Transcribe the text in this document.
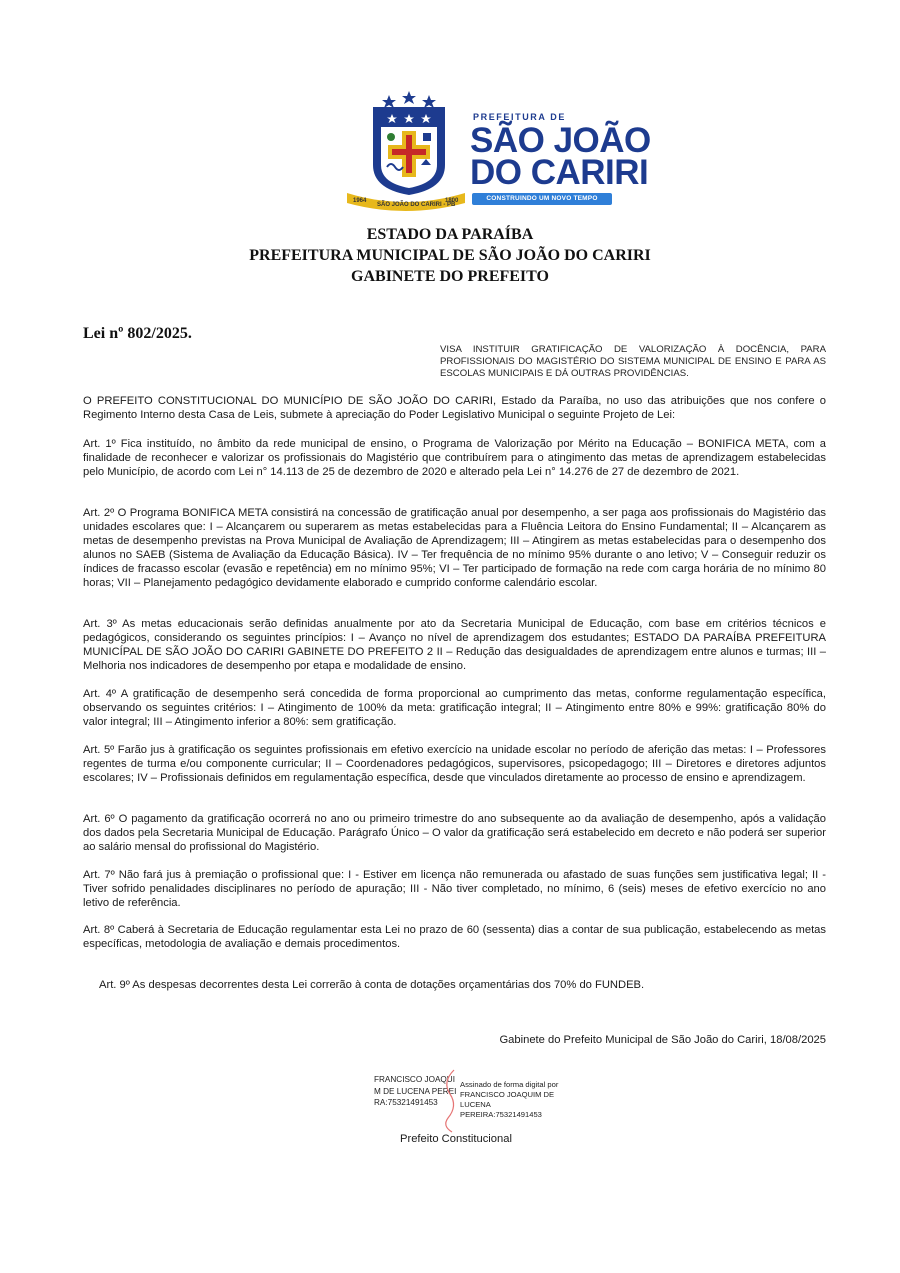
1964
SÃO JOÃO DO CARIRI - PB
1800
PREFEITURA DE
SÃO JOÃO
DO CARIRI
CONSTRUINDO UM NOVO TEMPO
ESTADO DA PARAÍBA
PREFEITURA MUNICIPAL DE SÃO JOÃO DO CARIRI
GABINETE DO PREFEITO
Lei nº 802/2025.
VISA INSTITUIR GRATIFICAÇÃO DE VALORIZAÇÃO À DOCÊNCIA, PARA PROFISSIONAIS DO MAGISTÉRIO DO SISTEMA MUNICIPAL DE ENSINO E PARA AS ESCOLAS MUNICIPAIS E DÁ OUTRAS PROVIDÊNCIAS.
O PREFEITO CONSTITUCIONAL DO MUNICÍPIO DE SÃO JOÃO DO CARIRI, Estado da Paraíba, no uso das atribuições que nos confere o Regimento Interno desta Casa de Leis, submete à apreciação do Poder Legislativo Municipal o seguinte Projeto de Lei:
Art. 1º Fica instituído, no âmbito da rede municipal de ensino, o Programa de Valorização por Mérito na Educação – BONIFICA META, com a finalidade de reconhecer e valorizar os profissionais do Magistério que contribuírem para o atingimento das metas de aprendizagem estabelecidas pelo Município, de acordo com Lei n° 14.113 de 25 de dezembro de 2020 e alterado pela Lei n° 14.276 de 27 de dezembro de 2021.
Art. 2º O Programa BONIFICA META consistirá na concessão de gratificação anual por desempenho, a ser paga aos profissionais do Magistério das unidades escolares que: I – Alcançarem ou superarem as metas estabelecidas para a Fluência Leitora do Ensino Fundamental; II – Alcançarem as metas de desempenho previstas na Prova Municipal de Avaliação de Aprendizagem; III – Atingirem as metas estabelecidas para o desempenho dos alunos no SAEB (Sistema de Avaliação da Educação Básica). IV – Ter frequência de no mínimo 95% durante o ano letivo; V – Conseguir reduzir os índices de fracasso escolar (evasão e repetência) em no mínimo 95%; VI – Ter participado de formação na rede com carga horária de no mínimo 80 horas; VII – Planejamento pedagógico devidamente elaborado e cumprido conforme calendário escolar.
Art. 3º As metas educacionais serão definidas anualmente por ato da Secretaria Municipal de Educação, com base em critérios técnicos e pedagógicos, considerando os seguintes princípios: I – Avanço no nível de aprendizagem dos estudantes; ESTADO DA PARAÍBA PREFEITURA MUNICÍPAL DE SÃO JOÃO DO CARIRI GABINETE DO PREFEITO 2 II – Redução das desigualdades de aprendizagem entre alunos e turmas; III – Melhoria nos indicadores de desempenho por etapa e modalidade de ensino.
Art. 4º A gratificação de desempenho será concedida de forma proporcional ao cumprimento das metas, conforme regulamentação específica, observando os seguintes critérios: I – Atingimento de 100% da meta: gratificação integral; II – Atingimento entre 80% e 99%: gratificação 80% do valor integral; III – Atingimento inferior a 80%: sem gratificação.
Art. 5º Farão jus à gratificação os seguintes profissionais em efetivo exercício na unidade escolar no período de aferição das metas: I – Professores regentes de turma e/ou componente curricular; II – Coordenadores pedagógicos, supervisores, psicopedagogo; III – Diretores e diretores adjuntos escolares; IV – Profissionais definidos em regulamentação específica, desde que vinculados diretamente ao processo de ensino e aprendizagem.
Art. 6º O pagamento da gratificação ocorrerá no ano ou primeiro trimestre do ano subsequente ao da avaliação de desempenho, após a validação dos dados pela Secretaria Municipal de Educação. Parágrafo Único – O valor da gratificação será estabelecido em decreto e não poderá ser superior ao salário mensal do profissional do Magistério.
Art. 7º Não fará jus à premiação o profissional que: I - Estiver em licença não remunerada ou afastado de suas funções sem justificativa legal; II - Tiver sofrido penalidades disciplinares no período de apuração; III - Não tiver completado, no mínimo, 6 (seis) meses de efetivo exercício no ano letivo de referência.
Art. 8º Caberá à Secretaria de Educação regulamentar esta Lei no prazo de 60 (sessenta) dias a contar de sua publicação, estabelecendo as metas específicas, metodologia de avaliação e demais procedimentos.
Art. 9º As despesas decorrentes desta Lei correrão à conta de dotações orçamentárias dos 70% do FUNDEB.
Gabinete do Prefeito Municipal de São João do Cariri, 18/08/2025
FRANCISCO JOAQUIM DE LUCENA PEREIRA:75321491453
Assinado de forma digital por FRANCISCO JOAQUIM DE LUCENA PEREIRA:75321491453
Prefeito Constitucional
